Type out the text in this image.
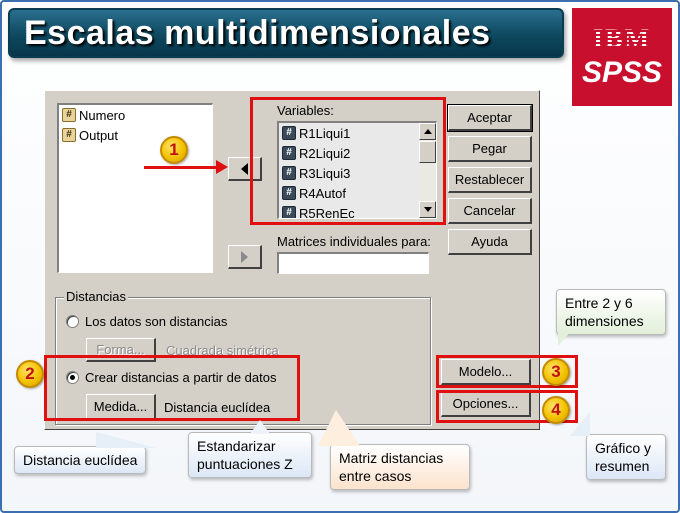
Escalas multidimensionales	IBM
SPSS
# Numero
# Output
Variables:
# R1Liqui1
# R2Liqui2
# R3Liqui3
# R4Autof
# R5RenEc
Matrices individuales para:
Aceptar
Pegar
Restablecer
Cancelar
Ayuda
Distancias
Los datos son distancias
Forma...	Cuadrada simétrica
Crear distancias a partir de datos
Medida...	Distancia euclídea
Modelo...
Opciones...
1
2	3
4
Entre 2 y 6 dimensiones
Distancia euclídea
Estandarizar puntuaciones Z	Matriz distancias entre casos
Gráfico y resumen
